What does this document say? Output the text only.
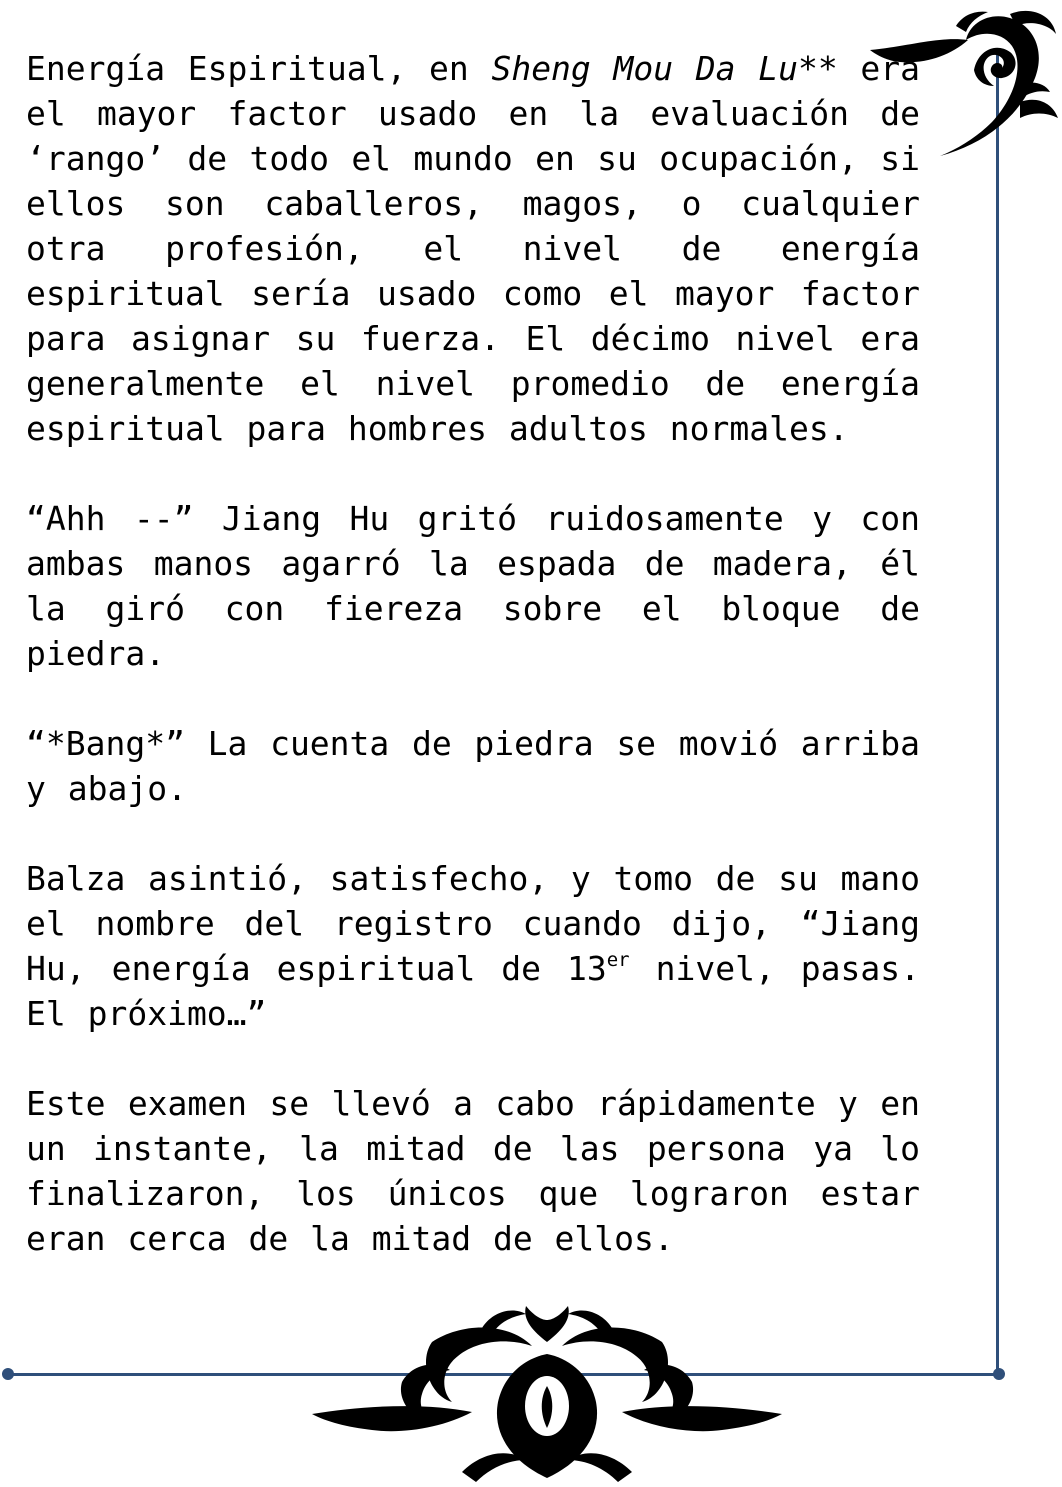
Energía Espiritual, en Sheng Mou Da Lu** era el mayor factor usado en la evaluación de ‘rango’ de todo el mundo en su ocupación, si ellos son caballeros, magos, o cualquier otra profesión, el nivel de energía espiritual sería usado como el mayor factor para asignar su fuerza. El décimo nivel era generalmente el nivel promedio de energía espiritual para hombres adultos normales.

“Ahh --” Jiang Hu gritó ruidosamente y con ambas manos agarró la espada de madera, él la giró con fiereza sobre el bloque de piedra.

“*Bang*” La cuenta de piedra se movió arriba y abajo.

Balza asintió, satisfecho, y tomo de su mano el nombre del registro cuando dijo, “Jiang Hu, energía espiritual de 13er nivel, pasas. El próximo…”

Este examen se llevó a cabo rápidamente y en un instante, la mitad de las persona ya lo finalizaron, los únicos que lograron estar eran cerca de la mitad de ellos.
